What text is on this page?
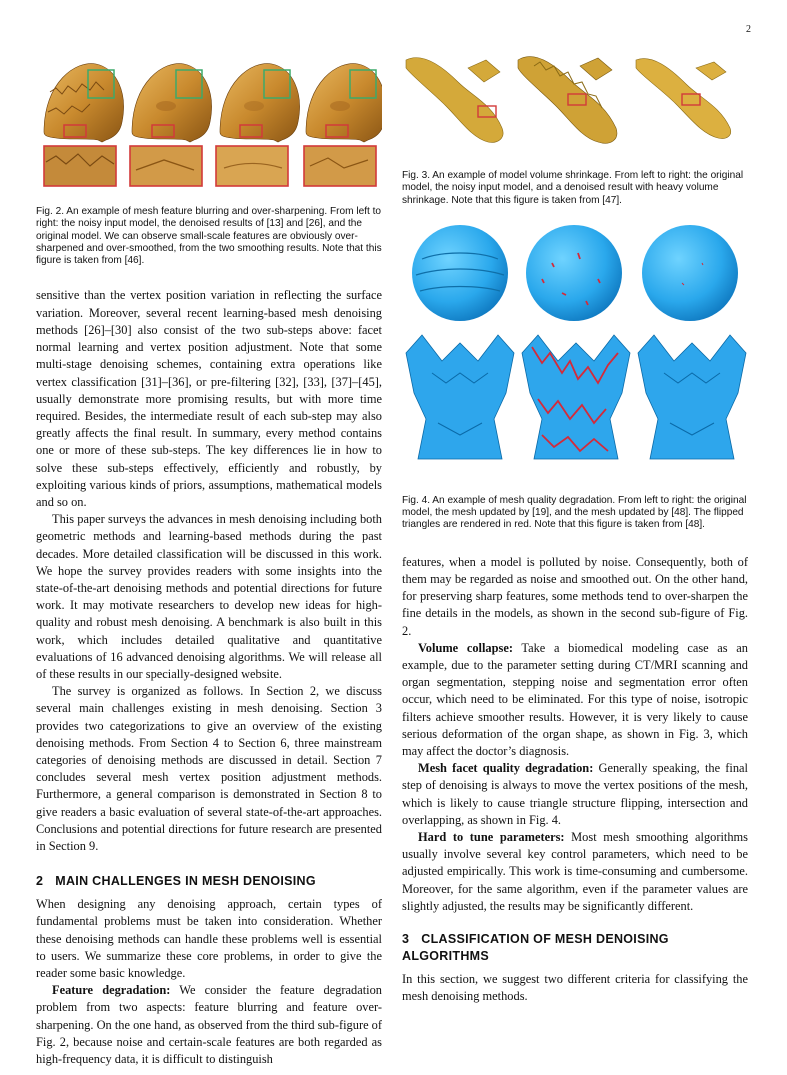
2

Fig. 2. An example of mesh feature blurring and over-sharpening. From left to right: the noisy input model, the denoised results of [13] and [26], and the original model. We can observe small-scale features are obviously over-sharpened and over-smoothed, from the two smoothing results. Note that this figure is taken from [46].

sensitive than the vertex position variation in reflecting the surface variation. Moreover, several recent learning-based mesh denoising methods [26]–[30] also consist of the two sub-steps above: facet normal learning and vertex position adjustment. Note that some multi-stage denoising schemes, containing extra operations like vertex classification [31]–[36], or pre-filtering [32], [33], [37]–[45], usually demonstrate more promising results, but with more time required. Besides, the intermediate result of each sub-step may also greatly affects the final result. In summary, every method contains one or more of these sub-steps. The key differences lie in how to solve these sub-steps effectively, efficiently and robustly, by exploiting various kinds of priors, assumptions, mathematical models and so on.

This paper surveys the advances in mesh denoising including both geometric methods and learning-based methods during the past decades. More detailed classification will be discussed in this work. We hope the survey provides readers with some insights into the state-of-the-art denoising methods and potential directions for future work. It may motivate researchers to develop new ideas for high-quality and robust mesh denoising. A benchmark is also built in this work, which includes detailed qualitative and quantitative evaluations of 16 advanced denoising algorithms. We will release all of these results in our specially-designed website.

The survey is organized as follows. In Section 2, we discuss several main challenges existing in mesh denoising. Section 3 provides two categorizations to give an overview of the existing denoising methods. From Section 4 to Section 6, three mainstream categories of denoising methods are discussed in detail. Section 7 concludes several mesh vertex position adjustment methods. Furthermore, a general comparison is demonstrated in Section 8 to give readers a basic evaluation of several state-of-the-art approaches. Conclusions and potential directions for future research are presented in Section 9.

2 MAIN CHALLENGES IN MESH DENOISING

When designing any denoising approach, certain types of fundamental problems must be taken into consideration. Whether these denoising methods can handle these problems well is essential to users. We summarize these core problems, in order to give the reader some basic knowledge.

Feature degradation: We consider the feature degradation problem from two aspects: feature blurring and feature over-sharpening. On the one hand, as observed from the third sub-figure of Fig. 2, because noise and certain-scale features are both regarded as high-frequency data, it is difficult to distinguish

Fig. 3. An example of model volume shrinkage. From left to right: the original model, the noisy input model, and a denoised result with heavy volume shrinkage. Note that this figure is taken from [47].

Fig. 4. An example of mesh quality degradation. From left to right: the original model, the mesh updated by [19], and the mesh updated by [48]. The flipped triangles are rendered in red. Note that this figure is taken from [48].

features, when a model is polluted by noise. Consequently, both of them may be regarded as noise and smoothed out. On the other hand, for preserving sharp features, some methods tend to over-sharpen the fine details in the models, as shown in the second sub-figure of Fig. 2.

Volume collapse: Take a biomedical modeling case as an example, due to the parameter setting during CT/MRI scanning and organ segmentation, stepping noise and segmentation error often occur, which need to be eliminated. For this type of noise, isotropic filters achieve smoother results. However, it is very likely to cause serious deformation of the organ shape, as shown in Fig. 3, which may affect the doctor’s diagnosis.

Mesh facet quality degradation: Generally speaking, the final step of denoising is always to move the vertex positions of the mesh, which is likely to cause triangle structure flipping, intersection and overlapping, as shown in Fig. 4.

Hard to tune parameters: Most mesh smoothing algorithms usually involve several key control parameters, which need to be adjusted empirically. This work is time-consuming and cumbersome. Moreover, for the same algorithm, even if the parameter values are slightly adjusted, the results may be significantly different.

3 CLASSIFICATION OF MESH DENOISING ALGORITHMS

In this section, we suggest two different criteria for classifying the mesh denoising methods.
